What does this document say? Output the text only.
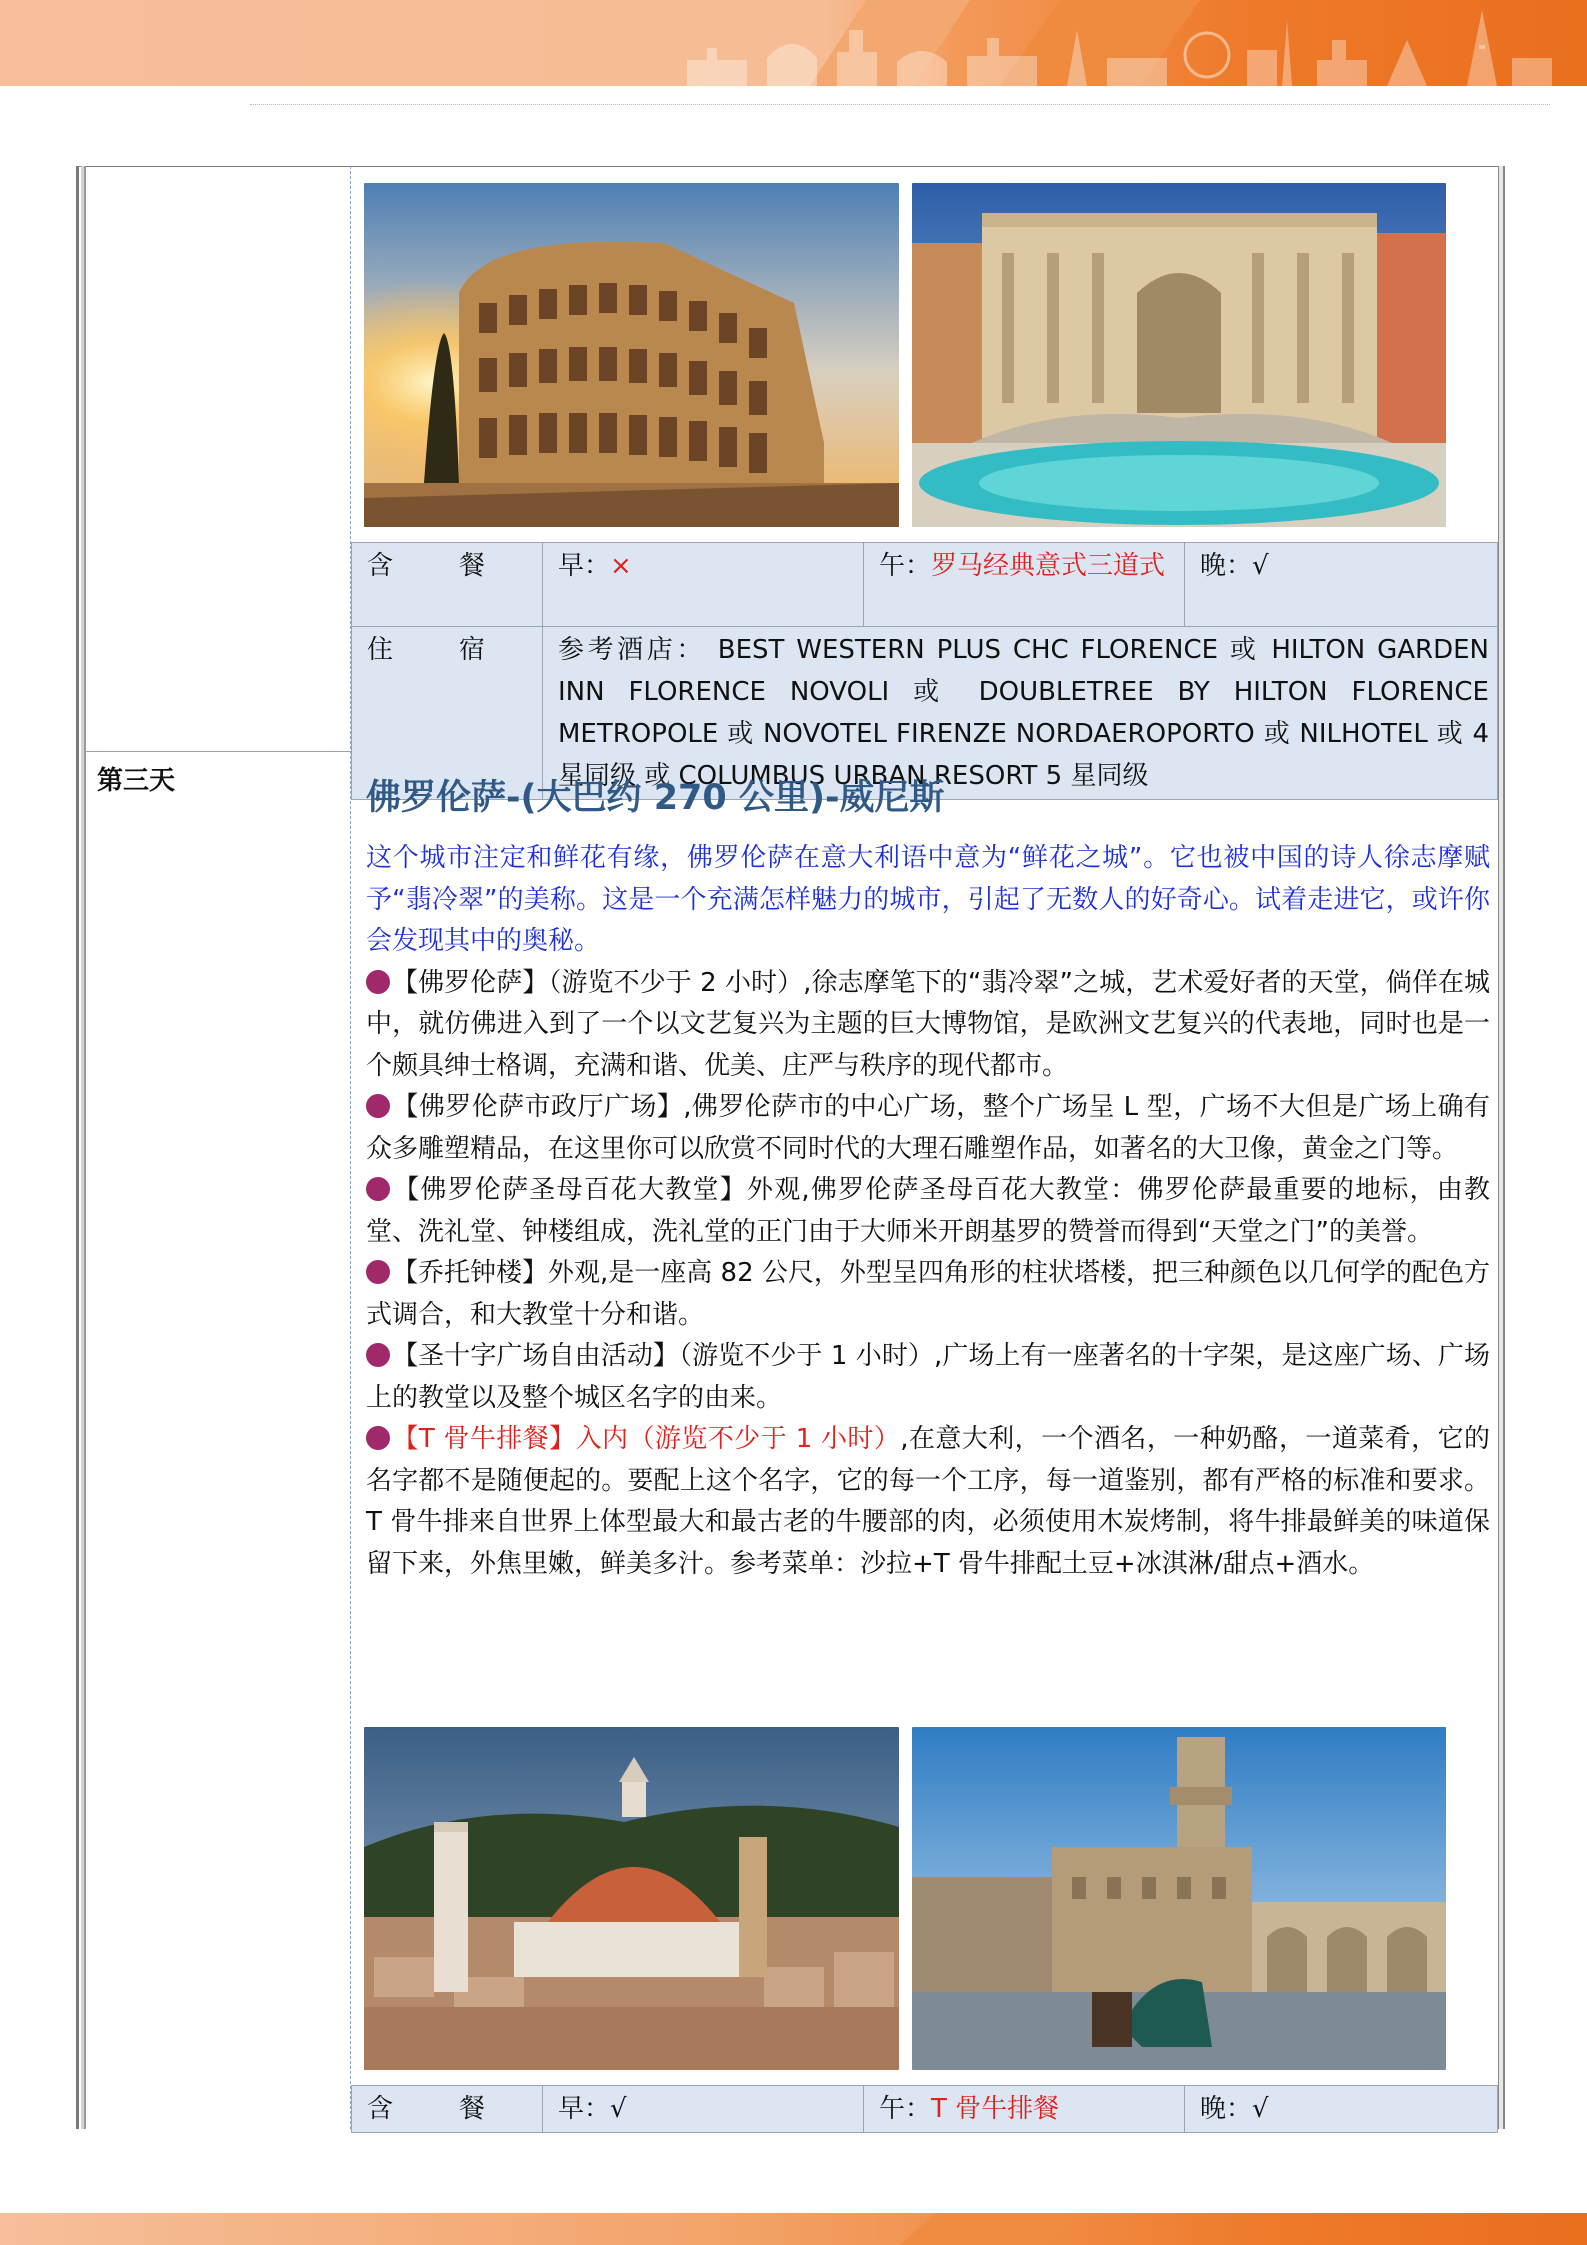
含　餐	早：×	午：罗马经典意式三道式	晚：√
住　宿	参考酒店： BEST WESTERN PLUS CHC FLORENCE 或 HILTON GARDEN INN FLORENCE NOVOLI 或 DOUBLETREE BY HILTON FLORENCE METROPOLE 或 NOVOTEL FIRENZE NORDAEROPORTO 或 NILHOTEL 或 4 星同级 或 COLUMBUS URBAN RESORT 5 星同级		
第三天	佛罗伦萨-(大巴约 270 公里)-威尼斯

这个城市注定和鲜花有缘，佛罗伦萨在意大利语中意为“鲜花之城”。它也被中国的诗人徐志摩赋予“翡冷翠”的美称。这是一个充满怎样魅力的城市，引起了无数人的好奇心。试着走进它，或许你会发现其中的奥秘。

【佛罗伦萨】（游览不少于 2 小时）,徐志摩笔下的“翡冷翠”之城，艺术爱好者的天堂，倘佯在城中，就仿佛进入到了一个以文艺复兴为主题的巨大博物馆，是欧洲文艺复兴的代表地，同时也是一个颇具绅士格调，充满和谐、优美、庄严与秩序的现代都市。

【佛罗伦萨市政厅广场】,佛罗伦萨市的中心广场，整个广场呈 L 型，广场不大但是广场上确有众多雕塑精品，在这里你可以欣赏不同时代的大理石雕塑作品，如著名的大卫像，黄金之门等。

【佛罗伦萨圣母百花大教堂】外观,佛罗伦萨圣母百花大教堂：佛罗伦萨最重要的地标，由教堂、洗礼堂、钟楼组成，洗礼堂的正门由于大师米开朗基罗的赞誉而得到“天堂之门”的美誉。

【乔托钟楼】外观,是一座高 82 公尺，外型呈四角形的柱状塔楼，把三种颜色以几何学的配色方式调合，和大教堂十分和谐。

【圣十字广场自由活动】（游览不少于 1 小时）,广场上有一座著名的十字架，是这座广场、广场上的教堂以及整个城区名字的由来。

【T 骨牛排餐】入内（游览不少于 1 小时）,在意大利，一个酒名，一种奶酪，一道菜肴，它的名字都不是随便起的。要配上这个名字，它的每一个工序，每一道鉴别，都有严格的标准和要求。T 骨牛排来自世界上体型最大和最古老的牛腰部的肉，必须使用木炭烤制，将牛排最鲜美的味道保留下来，外焦里嫩，鲜美多汁。参考菜单：沙拉+T 骨牛排配土豆+冰淇淋/甜点+酒水。

含　餐	早：√	午：T 骨牛排餐	晚：√
